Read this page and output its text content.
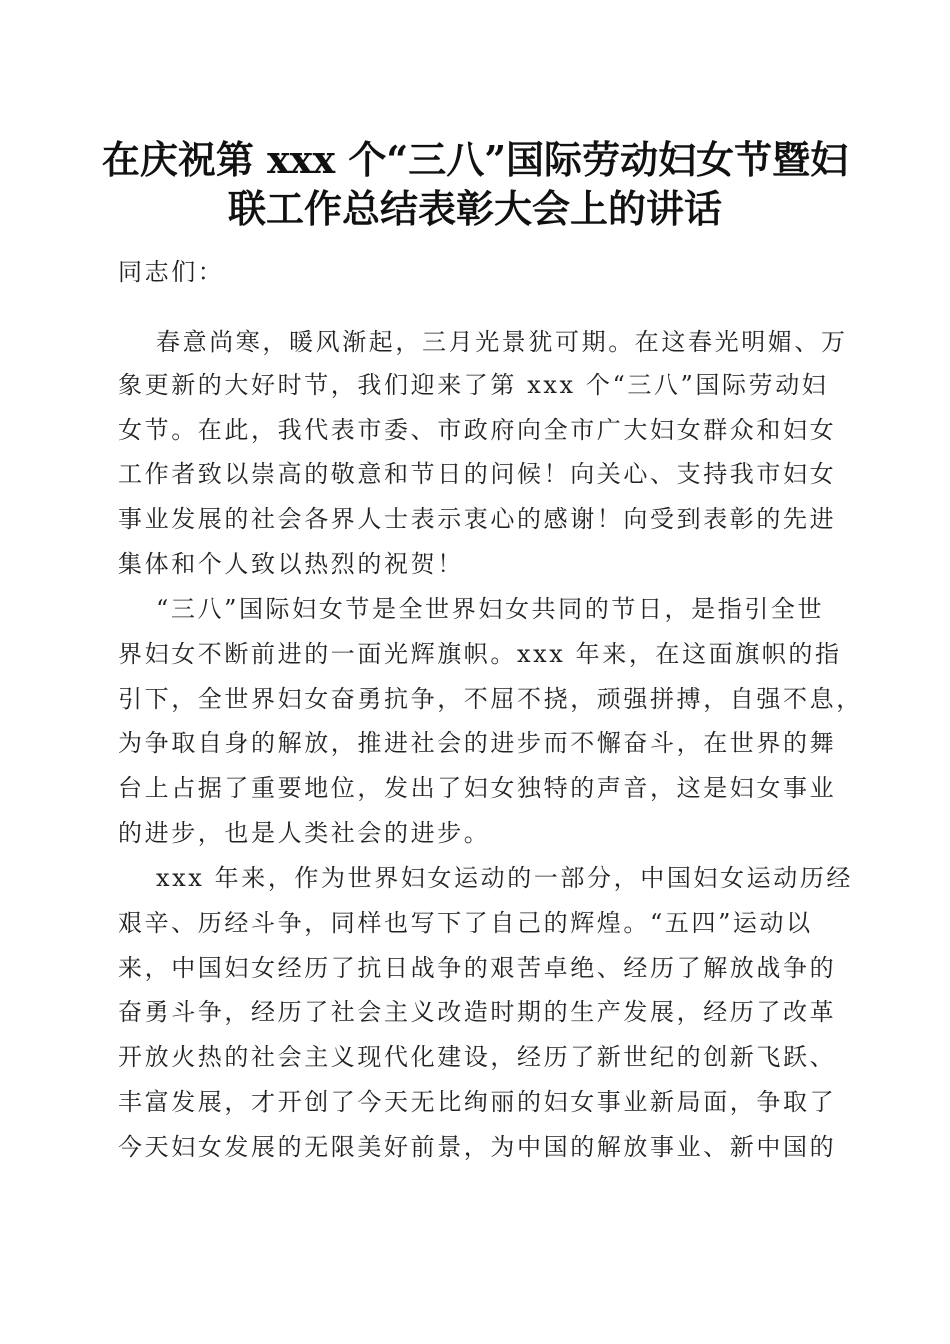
在庆祝第 xxx 个“三八”国际劳动妇女节暨妇
联工作总结表彰大会上的讲话
同志们：
春意尚寒，暖风渐起，三月光景犹可期。在这春光明媚、万
象更新的大好时节，我们迎来了第 xxx 个“三八”国际劳动妇
女节。在此，我代表市委、市政府向全市广大妇女群众和妇女
工作者致以崇高的敬意和节日的问候！向关心、支持我市妇女
事业发展的社会各界人士表示衷心的感谢！向受到表彰的先进
集体和个人致以热烈的祝贺！
“三八”国际妇女节是全世界妇女共同的节日，是指引全世
界妇女不断前进的一面光辉旗帜。xxx 年来，在这面旗帜的指
引下，全世界妇女奋勇抗争，不屈不挠，顽强拼搏，自强不息，
为争取自身的解放，推进社会的进步而不懈奋斗，在世界的舞
台上占据了重要地位，发出了妇女独特的声音，这是妇女事业
的进步，也是人类社会的进步。
xxx 年来，作为世界妇女运动的一部分，中国妇女运动历经
艰辛、历经斗争，同样也写下了自己的辉煌。“五四”运动以
来，中国妇女经历了抗日战争的艰苦卓绝、经历了解放战争的
奋勇斗争，经历了社会主义改造时期的生产发展，经历了改革
开放火热的社会主义现代化建设，经历了新世纪的创新飞跃、
丰富发展，才开创了今天无比绚丽的妇女事业新局面，争取了
今天妇女发展的无限美好前景，为中国的解放事业、新中国的
